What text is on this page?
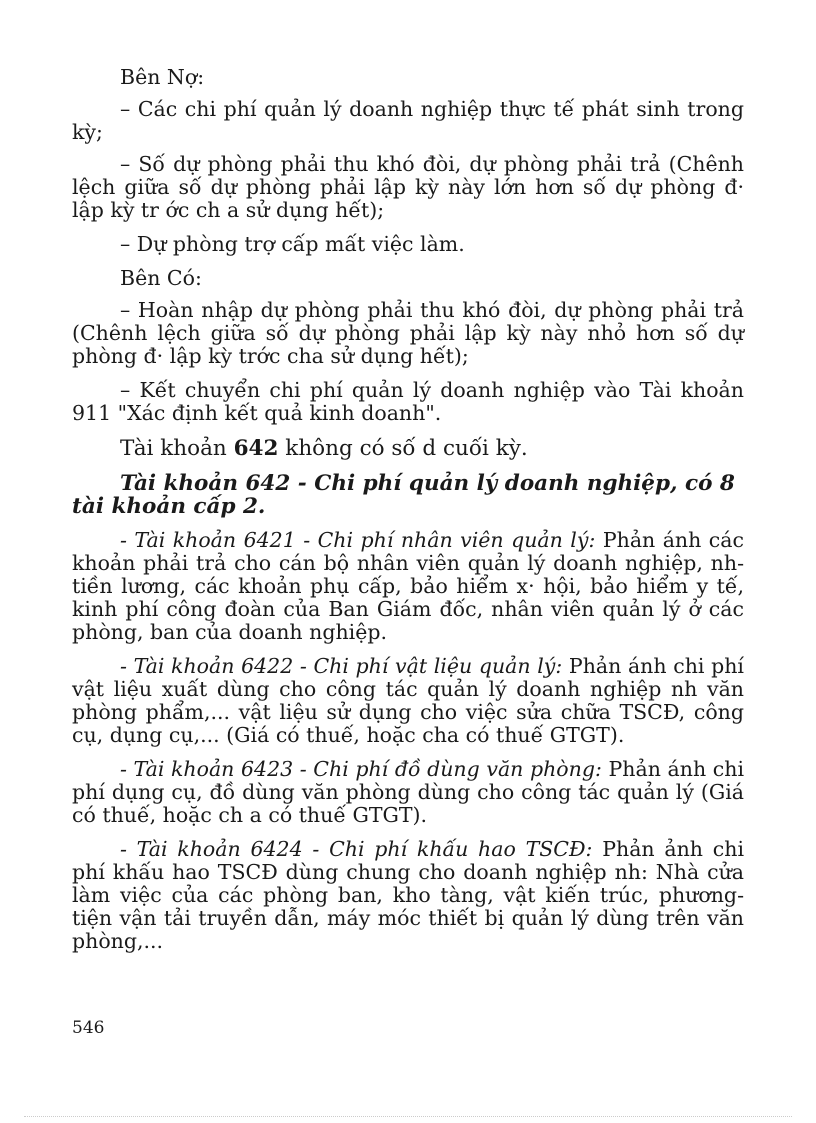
Bên Nợ:

– Các chi phí quản lý doanh nghiệp thực tế phát sinh trong kỳ;

– Số dự phòng phải thu khó đòi, dự phòng phải trả (Chênh lệch giữa số dự phòng phải lập kỳ này lớn hơn số dự phòng đ· lập kỳ tr ớc ch a sử dụng hết);

– Dự phòng trợ cấp mất việc làm.

Bên Có:

– Hoàn nhập dự phòng phải thu khó đòi, dự phòng phải trả (Chênh lệch giữa số dự phòng phải lập kỳ này nhỏ hơn số dự phòng đ· lập kỳ trớc cha sử dụng hết);

– Kết chuyển chi phí quản lý doanh nghiệp vào Tài khoản 911 "Xác định kết quả kinh doanh".

Tài khoản 642 không có số d cuối kỳ.

Tài khoản 642 - Chi phí quản lý doanh nghiệp, có 8 tài khoản cấp 2.

- Tài khoản 6421 - Chi phí nhân viên quản lý: Phản ánh các khoản phải trả cho cán bộ nhân viên quản lý doanh nghiệp, nh tiền lương, các khoản phụ cấp, bảo hiểm x· hội, bảo hiểm y tế, kinh phí công đoàn của Ban Giám đốc, nhân viên quản lý ở các phòng, ban của doanh nghiệp.

- Tài khoản 6422 - Chi phí vật liệu quản lý: Phản ánh chi phí vật liệu xuất dùng cho công tác quản lý doanh nghiệp nh văn phòng phẩm,... vật liệu sử dụng cho việc sửa chữa TSCĐ, công cụ, dụng cụ,... (Giá có thuế, hoặc cha có thuế GTGT).

- Tài khoản 6423 - Chi phí đồ dùng văn phòng: Phản ánh chi phí dụng cụ, đồ dùng văn phòng dùng cho công tác quản lý (Giá có thuế, hoặc ch a có thuế GTGT).

- Tài khoản 6424 - Chi phí khấu hao TSCĐ: Phản ảnh chi phí khấu hao TSCĐ dùng chung cho doanh nghiệp nh: Nhà cửa làm việc của các phòng ban, kho tàng, vật kiến trúc, phương tiện vận tải truyền dẫn, máy móc thiết bị quản lý dùng trên văn phòng,...

546
